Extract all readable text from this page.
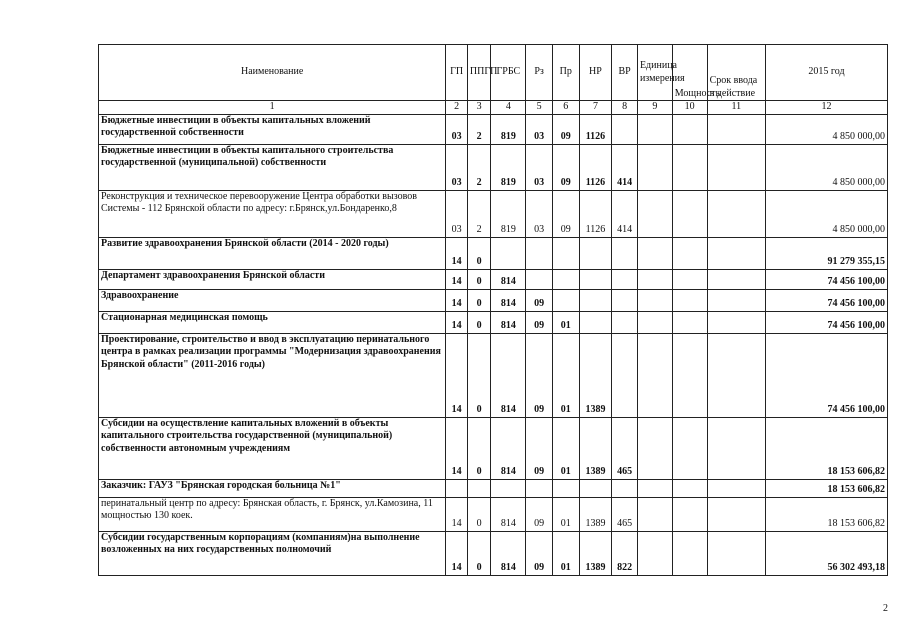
Наименование	ГП	ППГП	ГРБС	Рз	Пр	НР	ВР	Единица измерения	Мощность	Срок ввода в действие	2015 год
1	2	3	4	5	6	7	8	9	10	11	12
Бюджетные инвестиции в объекты капитальных вложений государственной собственности	03	2	819	03	09	1126					4 850 000,00
Бюджетные инвестиции в объекты капитального строительства государственной (муниципальной) собственности	03	2	819	03	09	1126	414				4 850 000,00
Реконструкция и техническое перевооружение Центра обработки вызовов Системы - 112 Брянской области по адресу: г.Брянск,ул.Бондаренко,8	03	2	819	03	09	1126	414				4 850 000,00
Развитие здравоохранения Брянской области (2014 - 2020 годы)	14	0									91 279 355,15
Департамент здравоохранения Брянской области	14	0	814								74 456 100,00
Здравоохранение	14	0	814	09							74 456 100,00
Стационарная медицинская помощь	14	0	814	09	01						74 456 100,00
Проектирование, строительство и ввод в эксплуатацию перинатального центра в рамках реализации программы "Модернизация здравоохранения Брянской области" (2011-2016 годы)	14	0	814	09	01	1389					74 456 100,00
Субсидии на осуществление капитальных вложений в объекты капитального строительства государственной (муниципальной) собственности автономным учреждениям	14	0	814	09	01	1389	465				18 153 606,82
Заказчик: ГАУЗ "Брянская городская больница №1"											18 153 606,82
перинатальный центр по адресу: Брянская область, г. Брянск, ул.Камозина, 11 мощностью 130 коек.	14	0	814	09	01	1389	465				18 153 606,82
Субсидии государственным корпорациям (компаниям)на выполнение возложенных на них государственных полномочий	14	0	814	09	01	1389	822				56 302 493,18
2
